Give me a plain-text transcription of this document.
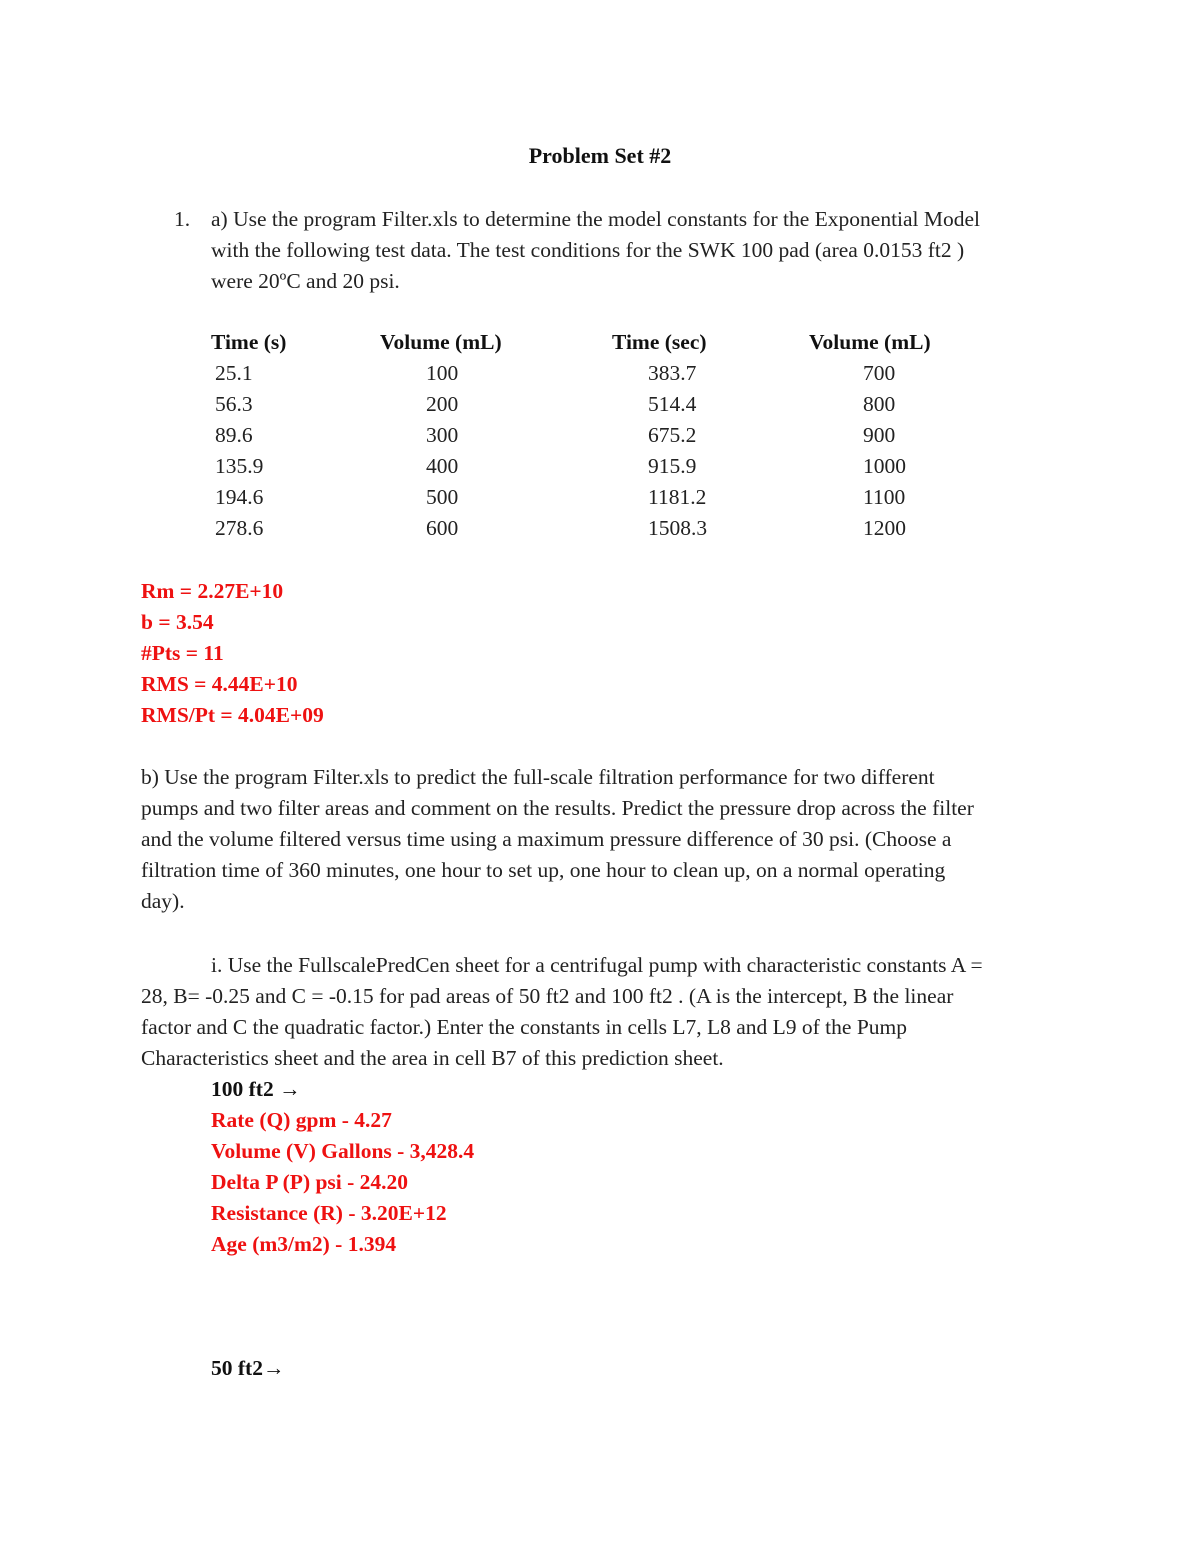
Problem Set #2
1. a) Use the program Filter.xls to determine the model constants for the Exponential Model

with the following test data. The test conditions for the SWK 100 pad (area 0.0153 ft2 )

were 20ºC and 20 psi.

Time (s)	Volume (mL)	Time (sec)	Volume (mL)
25.1	100	383.7	700
56.3	200	514.4	800
89.6	300	675.2	900
135.9	400	915.9	1000
194.6	500	1181.2	1100
278.6	600	1508.3	1200
Rm = 2.27E+10
b = 3.54
#Pts = 11
RMS = 4.44E+10
RMS/Pt = 4.04E+09

b) Use the program Filter.xls to predict the full-scale filtration performance for two different

pumps and two filter areas and comment on the results. Predict the pressure drop across the filter

and the volume filtered versus time using a maximum pressure difference of 30 psi. (Choose a

filtration time of 360 minutes, one hour to set up, one hour to clean up, on a normal operating

day).

i. Use the FullscalePredCen sheet for a centrifugal pump with characteristic constants A =

28, B= -0.25 and C = -0.15 for pad areas of 50 ft2 and 100 ft2 . (A is the intercept, B the linear

factor and C the quadratic factor.) Enter the constants in cells L7, L8 and L9 of the Pump

Characteristics sheet and the area in cell B7 of this prediction sheet.

100 ft2 →
Rate (Q) gpm - 4.27
Volume (V) Gallons - 3,428.4
Delta P (P) psi - 24.20
Resistance (R) - 3.20E+12
Age (m3/m2) - 1.394
50 ft2→
